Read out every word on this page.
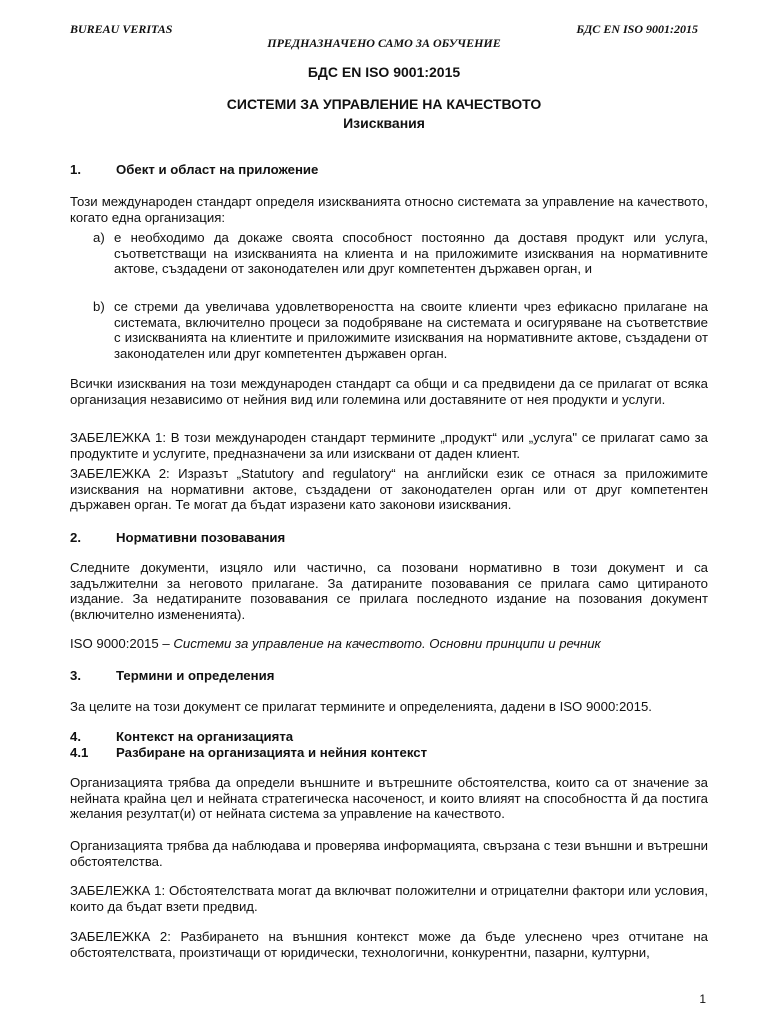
BUREAU VERITAS	БДС EN ISO 9001:2015
ПРЕДНАЗНАЧЕНО САМО ЗА ОБУЧЕНИЕ
БДС EN ISO 9001:2015
СИСТЕМИ ЗА УПРАВЛЕНИЕ НА КАЧЕСТВОТО
Изисквания
1.	Обект и област на приложение
Този международен стандарт определя изискванията относно системата за управление на качеството, когато една организация:
a) е необходимо да докаже своята способност постоянно да доставя продукт или услуга, съответстващи на изискванията на клиента и на приложимите изисквания на нормативните актове, създадени от законодателен или друг компетентен държавен орган, и
b) се стреми да увеличава удовлетвореността на своите клиенти чрез ефикасно прилагане на системата, включително процеси за подобряване на системата и осигуряване на съответствие с изискванията на клиентите и приложимите изисквания на нормативните актове, създадени от законодателен или друг компетентен държавен орган.
Всички изисквания на този международен стандарт са общи и са предвидени да се прилагат от всяка организация независимо от нейния вид или големина или доставяните от нея продукти и услуги.
ЗАБЕЛЕЖКА 1: В този международен стандарт термините „продукт“ или „услуга" се прилагат само за продуктите и услугите, предназначени за или изисквани от даден клиент.
ЗАБЕЛЕЖКА 2: Изразът „Statutory and regulatory“ на английски език се отнася за приложимите изисквания на нормативни актове, създадени от законодателен орган или от друг компетентен държавен орган. Те могат да бъдат изразени като законови изисквания.
2.	Нормативни позовавания
Следните документи, изцяло или частично, са позовани нормативно в този документ и са задължителни за неговото прилагане. За датираните позовавания се прилага само цитираното издание. За недатираните позовавания се прилага последното издание на позования документ (включително измененията).
ISO 9000:2015 – Системи за управление на качеството. Основни принципи и речник
3.	Термини и определения
За целите на този документ се прилагат термините и определенията, дадени в ISO 9000:2015.
4.	Контекст на организацията
4.1 Разбиране на организацията и нейния контекст
Организацията трябва да определи външните и вътрешните обстоятелства, които са от значение за нейната крайна цел и нейната стратегическа насоченост, и които влияят на способността й да постига желания резултат(и) от нейната система за управление на качеството.
Организацията трябва да наблюдава и проверява информацията, свързана с тези външни и вътрешни обстоятелства.
ЗАБЕЛЕЖКА 1: Обстоятелствата могат да включват положителни и отрицателни фактори или условия, които да бъдат взети предвид.
ЗАБЕЛЕЖКА 2: Разбирането на външния контекст може да бъде улеснено чрез отчитане на обстоятелствата, произтичащи от юридически, технологични, конкурентни, пазарни, културни,
1
